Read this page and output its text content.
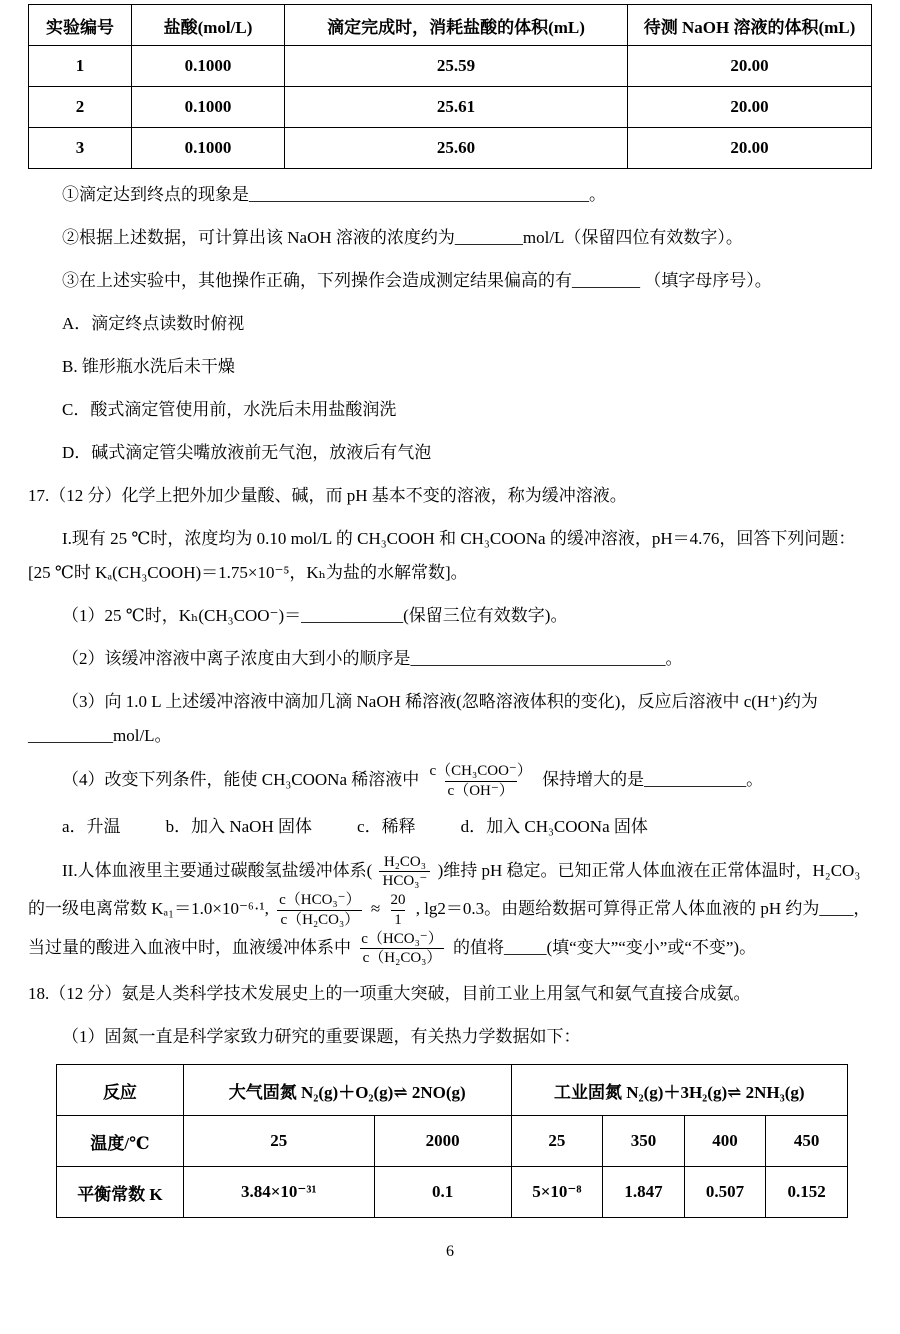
实验编号	盐酸(mol/L)	滴定完成时，消耗盐酸的体积(mL)	待测 NaOH 溶液的体积(mL)
1	0.1000	25.59	20.00
2	0.1000	25.61	20.00
3	0.1000	25.60	20.00

①滴定达到终点的现象是________________________________________。

②根据上述数据，可计算出该 NaOH 溶液的浓度约为________mol/L（保留四位有效数字）。

③在上述实验中，其他操作正确，下列操作会造成测定结果偏高的有________ （填字母序号）。

A．滴定终点读数时俯视

B. 锥形瓶水洗后未干燥

C．酸式滴定管使用前，水洗后未用盐酸润洗

D．碱式滴定管尖嘴放液前无气泡，放液后有气泡

17.（12 分）化学上把外加少量酸、碱，而 pH 基本不变的溶液，称为缓冲溶液。

I.现有 25 ℃时，浓度均为 0.10 mol/L 的 CH₃COOH 和 CH₃COONa 的缓冲溶液，pH＝4.76，回答下列问题：[25 ℃时 Kₐ(CH₃COOH)＝1.75×10⁻⁵，Kₕ为盐的水解常数]。

（1）25 ℃时，Kₕ(CH₃COO⁻)＝____________(保留三位有效数字)。

（2）该缓冲溶液中离子浓度由大到小的顺序是______________________________。

（3）向 1.0 L 上述缓冲溶液中滴加几滴 NaOH 稀溶液(忽略溶液体积的变化)，反应后溶液中 c(H⁺)约为__________mol/L。

（4）改变下列条件，能使 CH₃COONa 稀溶液中 $\frac{\text{c（CH₃COO⁻）}}{c(OH^-)}$ 保持增大的是____________。

a．升温	b．加入 NaOH 固体	c．稀释	d．加入 CH₃COONa 固体

II.人体血液里主要通过碳酸氢盐缓冲体系( $\frac{\text{H₂CO₃}}{\text{HCO₃⁻}}$ )维持 pH 稳定。已知正常人体血液在正常体温时，H₂CO₃ 的一级电离常数 Kₐ₁＝1.0×10⁻⁶·¹, $\frac{\text{c（HCO₃⁻）}}{\text{c（H₂CO₃）}} \approx \frac{20}{1}$ , lg2＝0.3。由题给数据可算得正常人体血液的 pH 约为____，当过量的酸进入血液中时，血液缓冲体系中 $\frac{\text{c（HCO₃⁻）}}{\text{c（H₂CO₃）}}$ 的值将_____(填“变大”“变小”或“不变”)。

18.（12 分）氨是人类科学技术发展史上的一项重大突破，目前工业上用氢气和氨气直接合成氨。

（1）固氮一直是科学家致力研究的重要课题，有关热力学数据如下：

反应	大气固氮 N₂(g)＋O₂(g)⇌ 2NO(g)		工业固氮 N₂(g)＋3H₂(g)⇌ 2NH₃(g)			
温度/℃	25	2000	25	350	400	450
平衡常数 K	3.84×10⁻³¹	0.1	5×10⁻⁸	1.847	0.507	0.152

6
